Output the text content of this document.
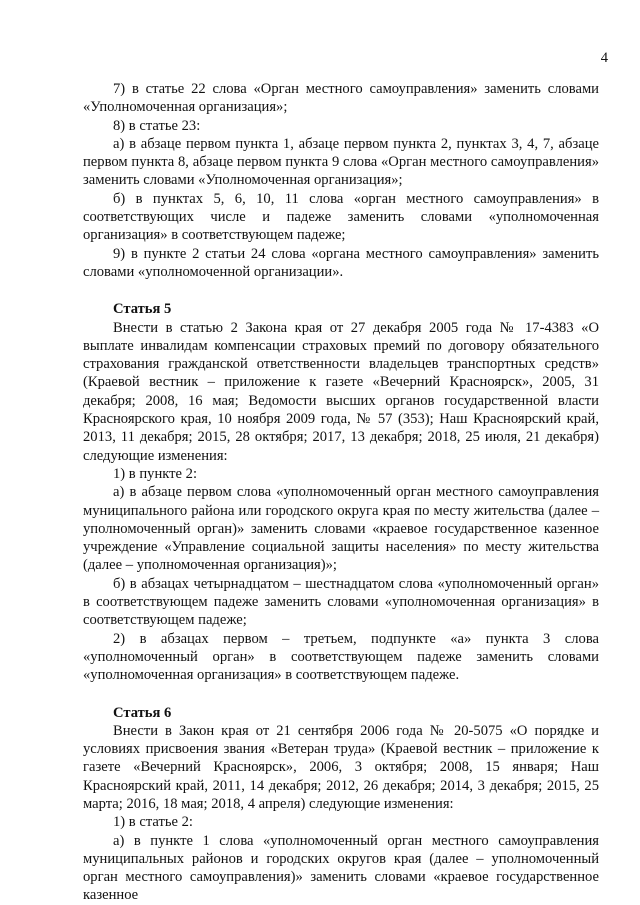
4

7) в статье 22 слова «Орган местного самоуправления» заменить словами «Уполномоченная организация»;

8) в статье 23:

а) в абзаце первом пункта 1, абзаце первом пункта 2, пунктах 3, 4, 7, абзаце первом пункта 8, абзаце первом пункта 9 слова «Орган местного самоуправления» заменить словами «Уполномоченная организация»;

б) в пунктах 5, 6, 10, 11 слова «орган местного самоуправления» в соответствующих числе и падеже заменить словами «уполномоченная организация» в соответствующем падеже;

9) в пункте 2 статьи 24 слова «органа местного самоуправления» заменить словами «уполномоченной организации».

Статья 5

Внести в статью 2 Закона края от 27 декабря 2005 года № 17-4383 «О выплате инвалидам компенсации страховых премий по договору обязательного страхования гражданской ответственности владельцев транспортных средств» (Краевой вестник – приложение к газете «Вечерний Красноярск», 2005, 31 декабря; 2008, 16 мая; Ведомости высших органов государственной власти Красноярского края, 10 ноября 2009 года, № 57 (353); Наш Красноярский край, 2013, 11 декабря; 2015, 28 октября; 2017, 13 декабря; 2018, 25 июля, 21 декабря) следующие изменения:

1) в пункте 2:

а) в абзаце первом слова «уполномоченный орган местного самоуправления муниципального района или городского округа края по месту жительства (далее – уполномоченный орган)» заменить словами «краевое государственное казенное учреждение «Управление социальной защиты населения» по месту жительства (далее – уполномоченная организация)»;

б) в абзацах четырнадцатом – шестнадцатом слова «уполномоченный орган» в соответствующем падеже заменить словами «уполномоченная организация» в соответствующем падеже;

2) в абзацах первом – третьем, подпункте «а» пункта 3 слова «уполномоченный орган» в соответствующем падеже заменить словами «уполномоченная организация» в соответствующем падеже.

Статья 6

Внести в Закон края от 21 сентября 2006 года № 20-5075 «О порядке и условиях присвоения звания «Ветеран труда» (Краевой вестник – приложение к газете «Вечерний Красноярск», 2006, 3 октября; 2008, 15 января; Наш Красноярский край, 2011, 14 декабря; 2012, 26 декабря; 2014, 3 декабря; 2015, 25 марта; 2016, 18 мая; 2018, 4 апреля) следующие изменения:

1) в статье 2:

а) в пункте 1 слова «уполномоченный орган местного самоуправления муниципальных районов и городских округов края (далее – уполномоченный орган местного самоуправления)» заменить словами «краевое государственное казенное
